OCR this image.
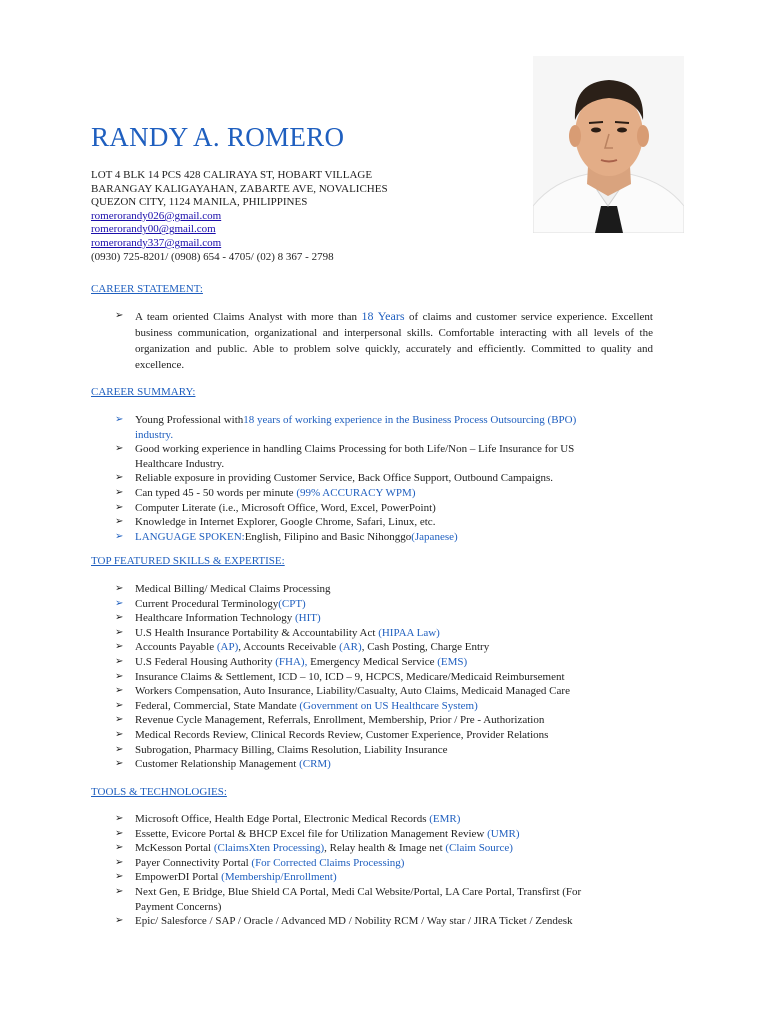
RANDY A. ROMERO
LOT 4 BLK 14 PCS 428 CALIRAYA ST, HOBART VILLAGE
BARANGAY KALIGAYAHAN, ZABARTE AVE, NOVALICHES
QUEZON CITY, 1124 MANILA, PHILIPPINES
romerorandy026@gmail.com
romerorandy00@gmail.com
romerorandy337@gmail.com
(0930) 725-8201/ (0908) 654 - 4705/ (02) 8 367 - 2798
CAREER STATEMENT:
➢ A team oriented Claims Analyst with more than 18 Years of claims and customer service experience. Excellent business communication, organizational and interpersonal skills. Comfortable interacting with all levels of the organization and public. Able to problem solve quickly, accurately and efficiently. Committed to quality and excellence.
CAREER SUMMARY:
➢ Young Professional with18 years of working experience in the Business Process Outsourcing (BPO) industry.
➢ Good working experience in handling Claims Processing for both Life/Non – Life Insurance for US Healthcare Industry.
➢ Reliable exposure in providing Customer Service, Back Office Support, Outbound Campaigns.
➢ Can typed 45 - 50 words per minute (99% ACCURACY WPM)
➢ Computer Literate (i.e., Microsoft Office, Word, Excel, PowerPoint)
➢ Knowledge in Internet Explorer, Google Chrome, Safari, Linux, etc.
➢ LANGUAGE SPOKEN:English, Filipino and Basic Nihonggo(Japanese)
TOP FEATURED SKILLS & EXPERTISE:
➢ Medical Billing/ Medical Claims Processing
➢ Current Procedural Terminology(CPT)
➢ Healthcare Information Technology (HIT)
➢ U.S Health Insurance Portability & Accountability Act (HIPAA Law)
➢ Accounts Payable (AP), Accounts Receivable (AR), Cash Posting, Charge Entry
➢ U.S Federal Housing Authority (FHA), Emergency Medical Service (EMS)
➢ Insurance Claims & Settlement, ICD – 10, ICD – 9, HCPCS, Medicare/Medicaid Reimbursement
➢ Workers Compensation, Auto Insurance, Liability/Casualty, Auto Claims, Medicaid Managed Care
➢ Federal, Commercial, State Mandate (Government on US Healthcare System)
➢ Revenue Cycle Management, Referrals, Enrollment, Membership, Prior / Pre - Authorization
➢ Medical Records Review, Clinical Records Review, Customer Experience, Provider Relations
➢ Subrogation, Pharmacy Billing, Claims Resolution, Liability Insurance
➢ Customer Relationship Management (CRM)
TOOLS & TECHNOLOGIES:
➢ Microsoft Office, Health Edge Portal, Electronic Medical Records (EMR)
➢ Essette, Evicore Portal & BHCP Excel file for Utilization Management Review (UMR)
➢ McKesson Portal (ClaimsXten Processing), Relay health & Image net (Claim Source)
➢ Payer Connectivity Portal (For Corrected Claims Processing)
➢ EmpowerDI Portal (Membership/Enrollment)
➢ Next Gen, E Bridge, Blue Shield CA Portal, Medi Cal Website/Portal, LA Care Portal, Transfirst (For Payment Concerns)
➢ Epic/ Salesforce / SAP / Oracle / Advanced MD / Nobility RCM / Way star / JIRA Ticket / Zendesk
